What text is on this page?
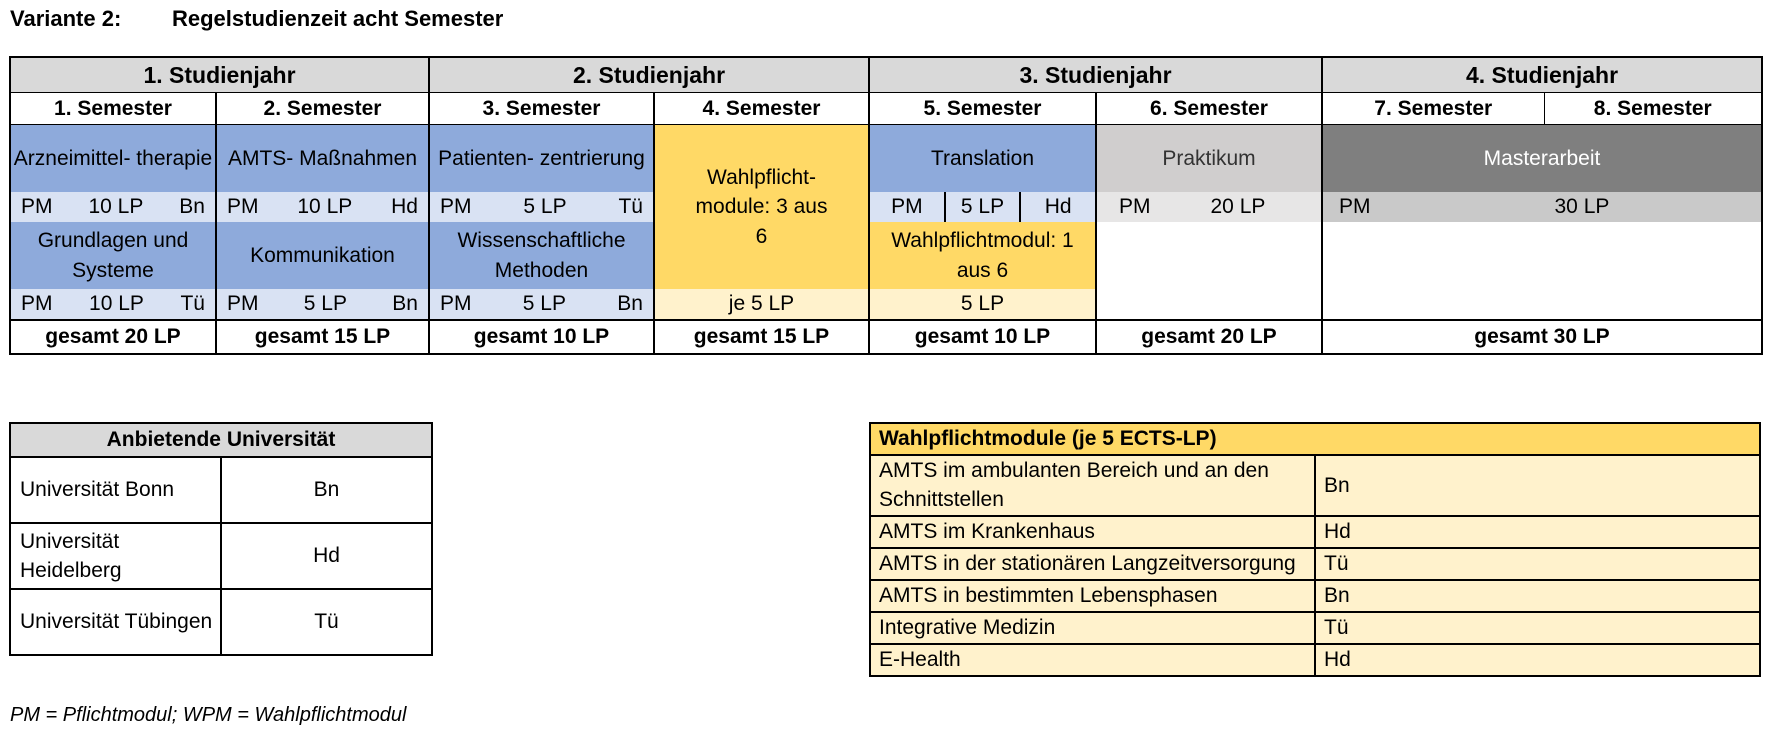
Variante 2: Regelstudienzeit acht Semester
1. Studienjahr		2. Studienjahr		3. Studienjahr		4. Studienjahr	
1. Semester	2. Semester	3. Semester	4. Semester	5. Semester	6. Semester	7. Semester	8. Semester
Arzneimittel- therapie	AMTS- Maßnahmen	Patienten- zentrierung	Wahlpflicht- module: 3 aus 6	Translation	Praktikum	Masterarbeit	

PM 10 LP Bn	PM 10 LP Hd	PM 5 LP Tü		PM 5 LP Hd	PM 20 LP	PM 30 LP	

Grundlagen und Systeme	Kommunikation	Wissenschaftliche Methoden		Wahlpflichtmodul: 1 aus 6			

PM 10 LP Tü	PM 5 LP Bn	PM 5 LP Bn	je 5 LP	5 LP			
gesamt 20 LP	gesamt 15 LP	gesamt 10 LP	gesamt 15 LP	gesamt 10 LP	gesamt 20 LP	gesamt 30 LP	
Anbietende Universität	
Universität Bonn	Bn
Universität Heidelberg	Hd
Universität Tübingen	Tü
Wahlpflichtmodule (je 5 ECTS-LP)	
AMTS im ambulanten Bereich und an den Schnittstellen	Bn
AMTS im Krankenhaus	Hd
AMTS in der stationären Langzeitversorgung	Tü
AMTS in bestimmten Lebensphasen	Bn
Integrative Medizin	Tü
E-Health	Hd
PM = Pflichtmodul; WPM = Wahlpflichtmodul
